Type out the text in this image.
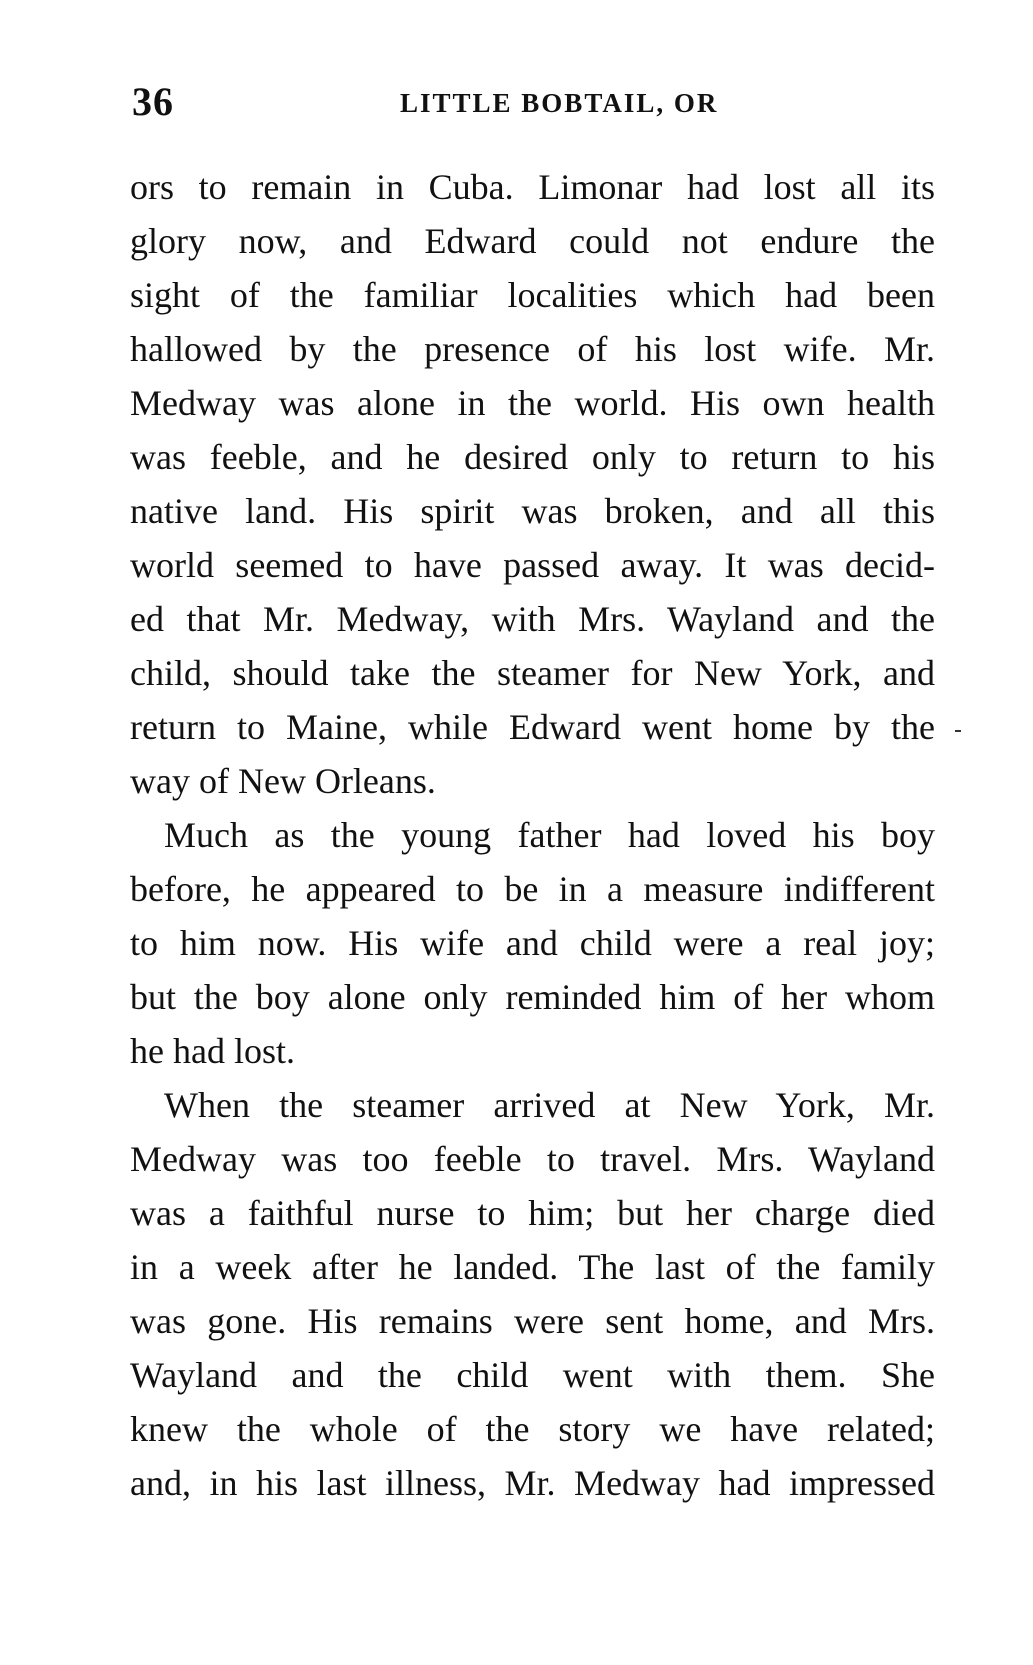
36	LITTLE BOBTAIL, OR
ors to remain in Cuba. Limonar had lost all its
glory now, and Edward could not endure the
sight of the familiar localities which had been
hallowed by the presence of his lost wife. Mr.
Medway was alone in the world. His own health
was feeble, and he desired only to return to his
native land. His spirit was broken, and all this
world seemed to have passed away. It was decid-
ed that Mr. Medway, with Mrs. Wayland and the
child, should take the steamer for New York, and
return to Maine, while Edward went home by the
way of New Orleans.
Much as the young father had loved his boy
before, he appeared to be in a measure indifferent
to him now. His wife and child were a real joy;
but the boy alone only reminded him of her whom
he had lost.
When the steamer arrived at New York, Mr.
Medway was too feeble to travel. Mrs. Wayland
was a faithful nurse to him; but her charge died
in a week after he landed. The last of the family
was gone. His remains were sent home, and Mrs.
Wayland and the child went with them. She
knew the whole of the story we have related;
and, in his last illness, Mr. Medway had impressed
